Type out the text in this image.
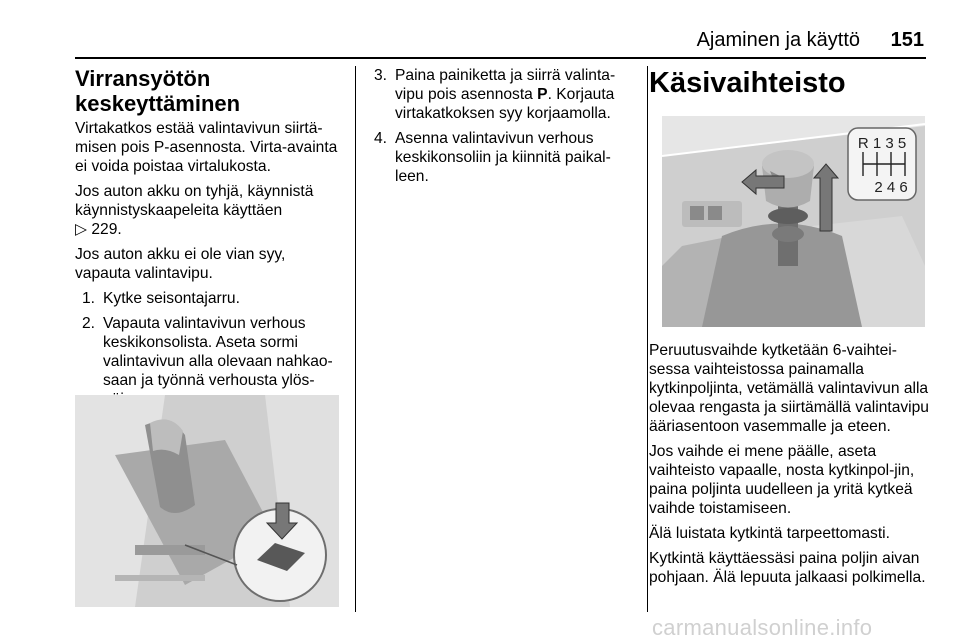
Ajaminen ja käyttö 151
Virransyötön keskeyttäminen

Virtakatkos estää valintavivun siirtä-misen pois P-asennosta. Virta-avainta ei voida poistaa virtalukosta.

Jos auton akku on tyhjä, käynnistä käynnistyskaapeleita käyttäen
▷ 229.

Jos auton akku ei ole vian syy, vapauta valintavipu.

1. Kytke seisontajarru.
2. Vapauta valintavivun verhous keskikonsolista. Aseta sormi valintavivun alla olevaan nahkao-saan ja työnnä verhousta ylös-
3. Paina painiketta ja siirrä valinta-vipu pois asennosta P. Korjauta virtakatkoksen syy korjaamolla.
4. Asenna valintavivun verhous keskikonsoliin ja kiinnitä paikal-leen.
Käsivaihteisto
R 1 3 5
2 4 6

Peruutusvaihde kytketään 6-vaihtei-sessa vaihteistossa painamalla kytkinpoljinta, vetämällä valintavivun alla olevaa rengasta ja siirtämällä valintavipu ääriasentoon vasemmalle ja eteen.

Jos vaihde ei mene päälle, aseta vaihteisto vapaalle, nosta kytkinpol-jin, paina poljinta uudelleen ja yritä kytkeä vaihde toistamiseen.

Älä luistata kytkintä tarpeettomasti.

Kytkintä käyttäessäsi paina poljin aivan pohjaan. Älä lepuuta jalkaasi polkimella.

carmanualsonline.info
